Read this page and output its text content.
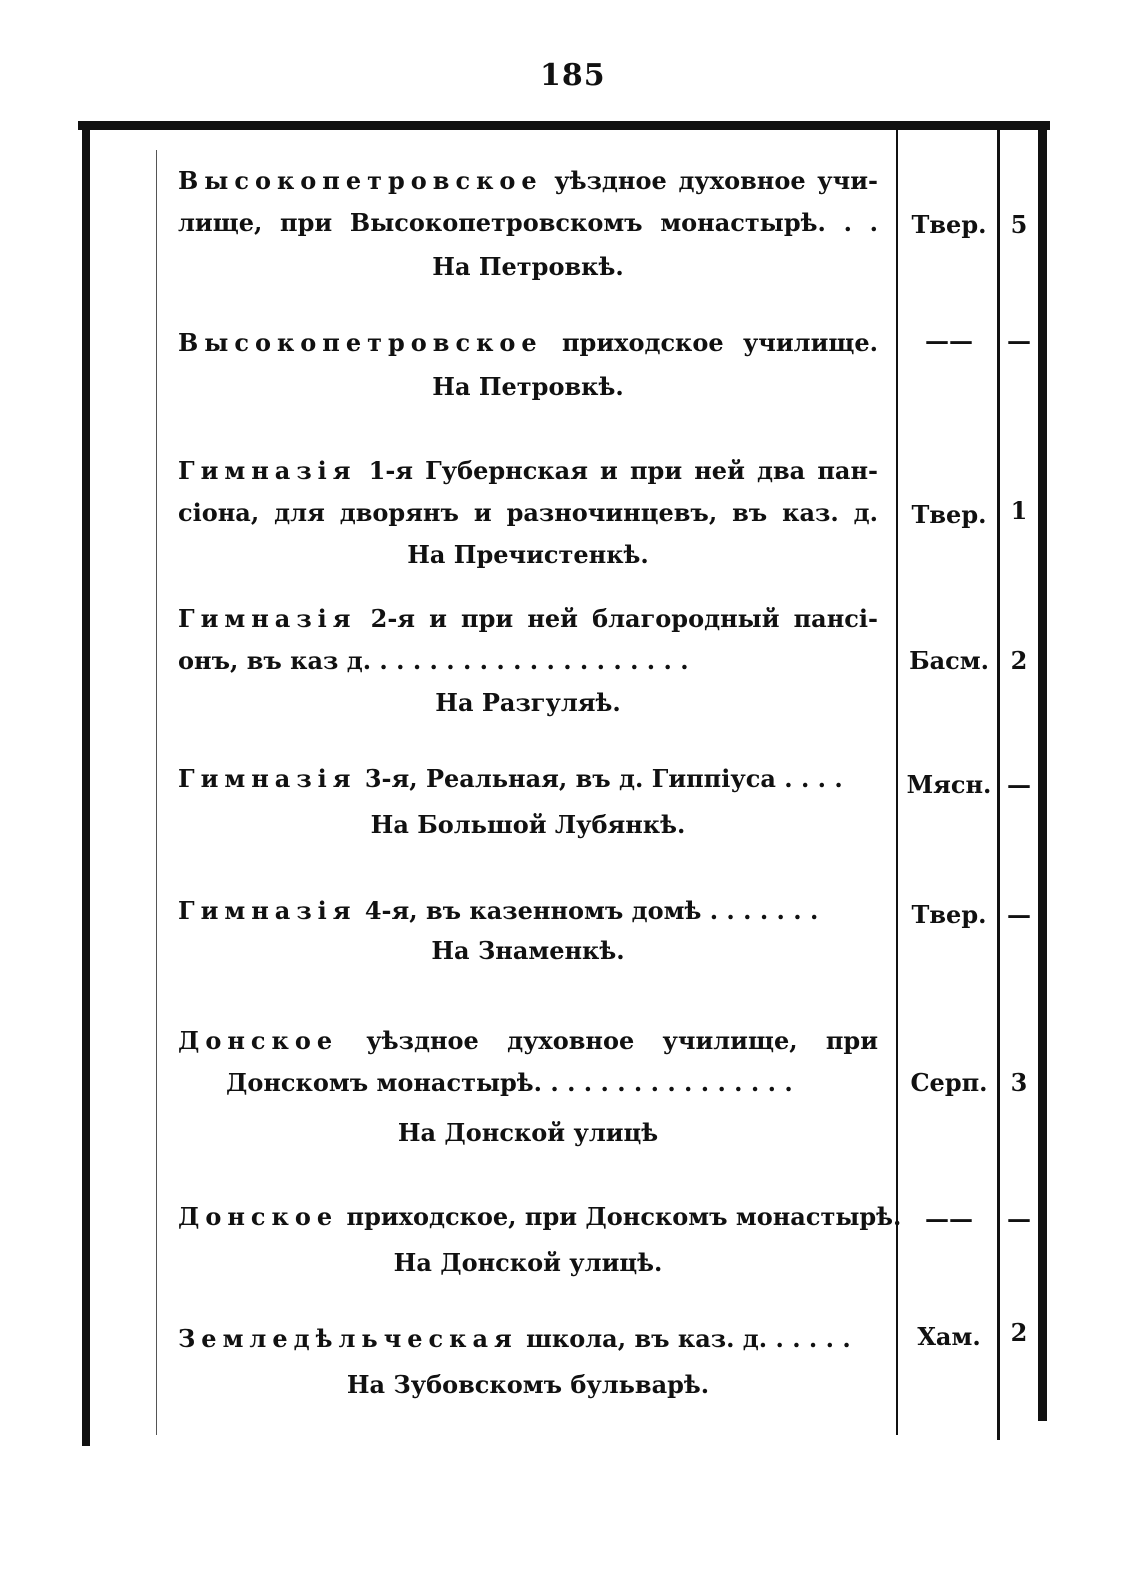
185
Высокопетровское уѣздное духовное учи-
лище, при Высокопетровскомъ монастырѣ. . .
На Петровкѣ.
Твер.	5
Высокопетровское приходское училище.
На Петровкѣ.
——	—
Гимназія 1-я Губернская и при ней два пан-
сіона, для дворянъ и разночинцевъ, въ каз. д.
На Пречистенкѣ.
Твер.	1
Гимназія 2-я и при ней благородный пансі-
онъ, въ каз д. . . . . . . . . . . . . . . . . . . .
На Разгуляѣ.
Басм. 2
Гимназія 3-я, Реальная, въ д. Гиппіуса . . . .
На Большой Лубянкѣ.
Мясн. —
Гимназія 4-я, въ казенномъ домѣ . . . . . . .
На Знаменкѣ.
Твер. —
Донское уѣздное духовное училище, при
Донскомъ монастырѣ. . . . . . . . . . . . . . . .
На Донской улицѣ
Серп. 3
Донское приходское, при Донскомъ монастырѣ.
На Донской улицѣ.
——	—
Земледѣльческая школа, въ каз. д. . . . . .
На Зубовскомъ бульварѣ.
Хам.	2
